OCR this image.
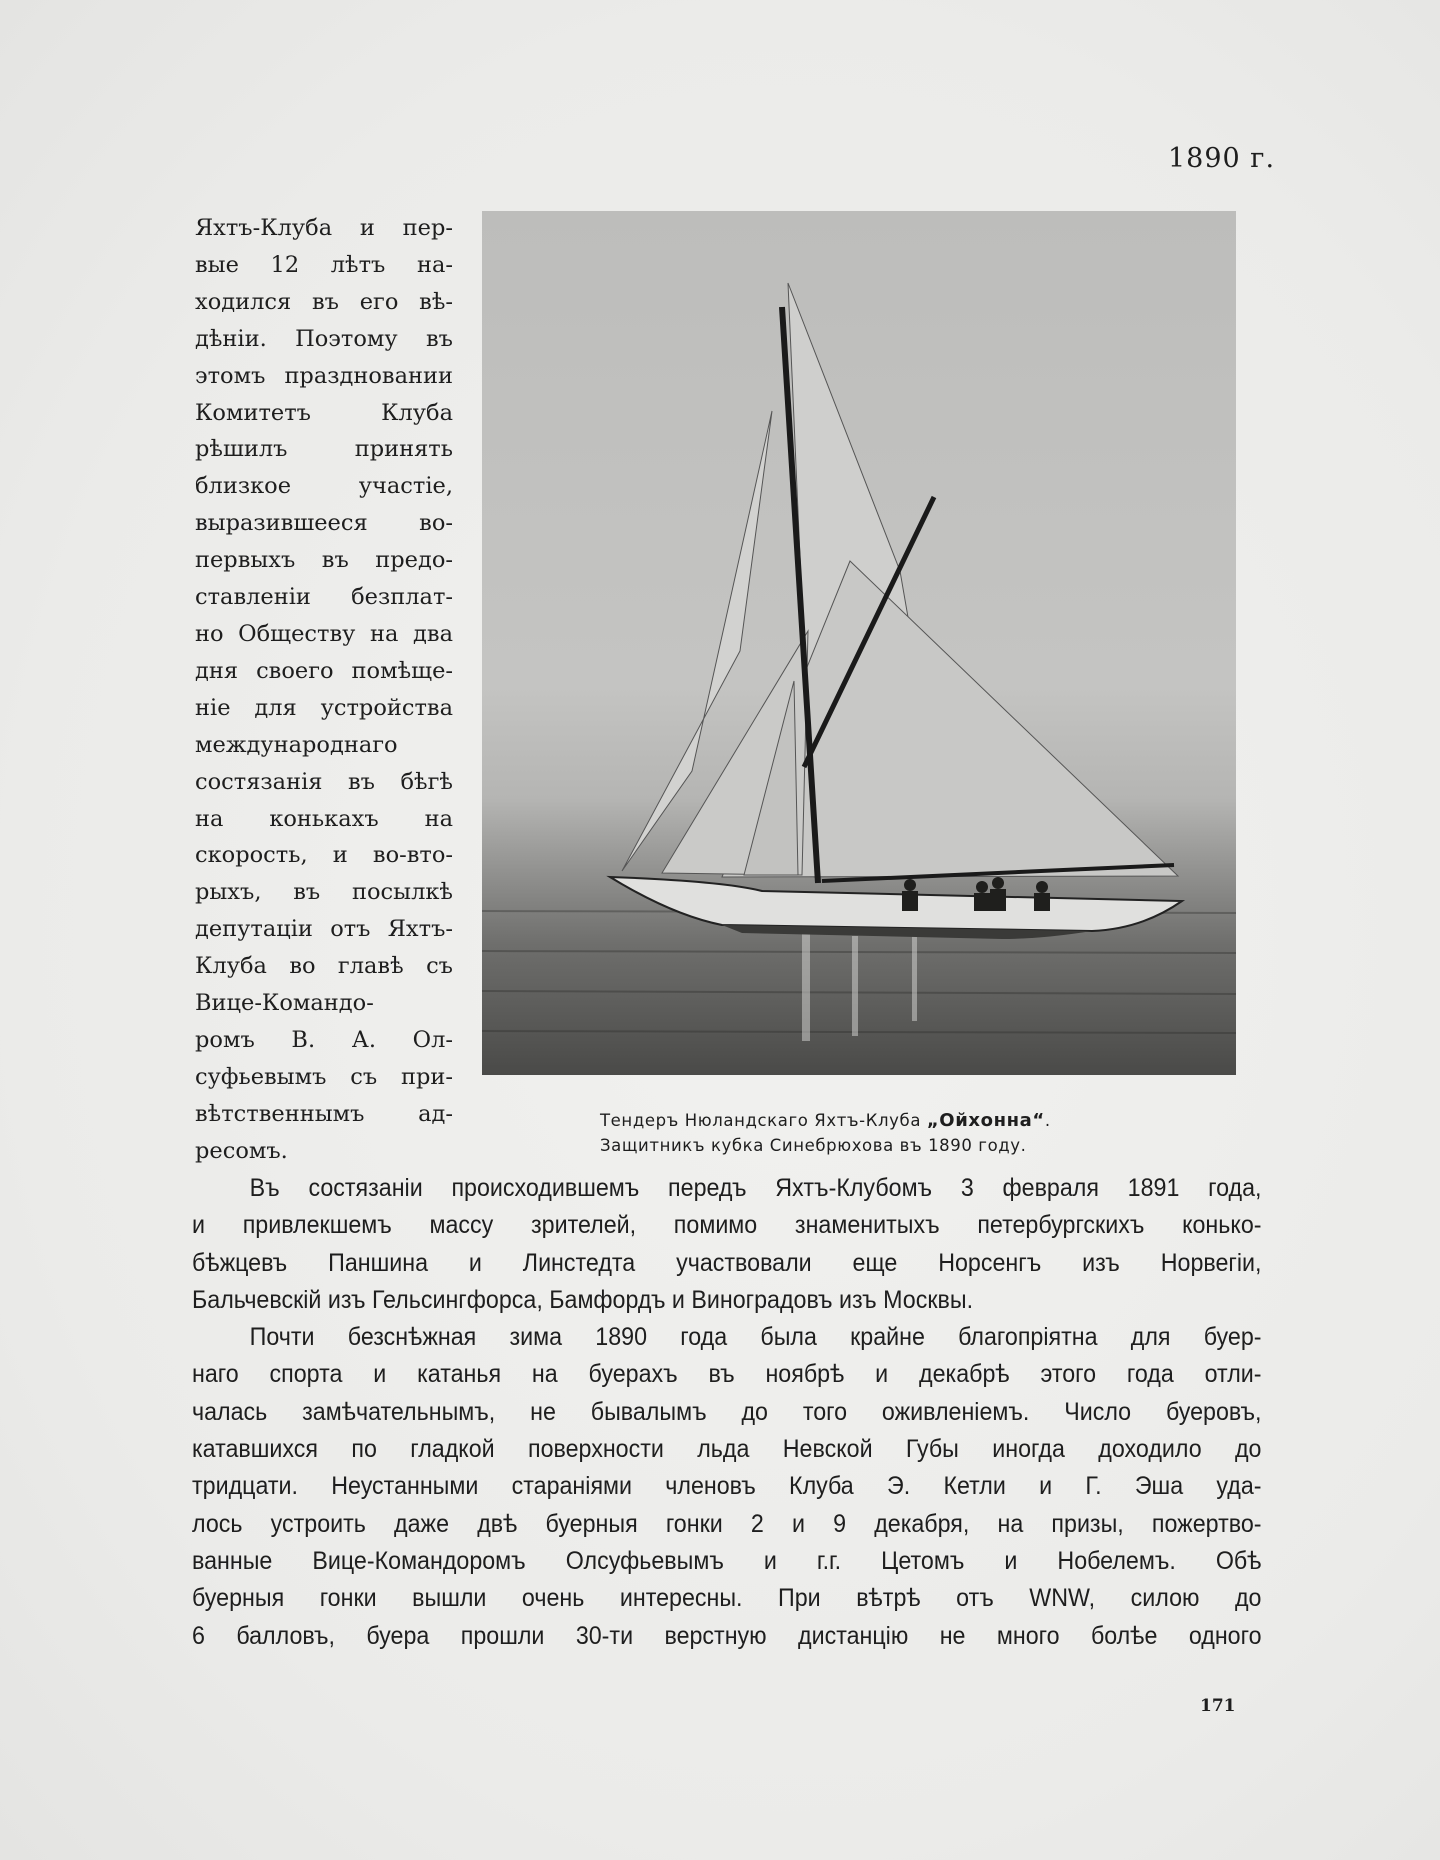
1890 г.
Яхтъ-Клуба и пер-
вые 12 лѣтъ на-
ходился въ его вѣ-
дѣнiи. Поэтому въ
этомъ праздновании
Комитетъ Клуба
рѣшилъ принять
близкое участie,
выразившееся во-
первыхъ въ предо-
ставленiи безплат-
но Обществу на два
дня своего помѣще-
нie для устройства
международнаго
состязанiя въ бѣгѣ
на конькахъ на
скорость, и во-вто-
рыхъ, въ посылкѣ
депутацiи отъ Яхтъ-
Клуба во главѣ съ
Вице-Командо-
ромъ В. А. Ол-
суфьевымъ съ при-
вѣтственнымъ ад-
ресомъ.
Тендеръ Нюландскаго Яхтъ-Клуба „Ойхонна“.
Защитникъ кубка Синебрюхова въ 1890 году.
Въ состязанiи происходившемъ передъ Яхтъ-Клубомъ 3 февраля 1891 года,
и привлекшемъ массу зрителей, помимо знаменитыхъ петербургскихъ конько-
бѣжцевъ Паншина и Линстедта участвовали еще Норсенгъ изъ Норвегiи,
Бальчевскiй изъ Гельсингфорса, Бамфордъ и Виноградовъ изъ Москвы.
Почти безснѣжная зима 1890 года была крайне благопрiятна для буер-
наго спорта и катанья на буерахъ въ ноябрѣ и декабрѣ этого года отли-
чалась замѣчательнымъ, не бывалымъ до того оживленiемъ. Число буеровъ,
катавшихся по гладкой поверхности льда Невской Губы иногда доходило до
тридцати. Неустанными старанiями членовъ Клуба Э. Кетли и Г. Эша уда-
лось устроить даже двѣ буерныя гонки 2 и 9 декабря, на призы, пожертво-
ванные Вице-Командоромъ Олсуфьевымъ и г.г. Цетомъ и Нобелемъ. Обѣ
буерныя гонки вышли очень интересны. При вѣтрѣ отъ WNW, силою до
6 балловъ, буера прошли 30-ти верстную дистанцiю не много болѣе одного
171
